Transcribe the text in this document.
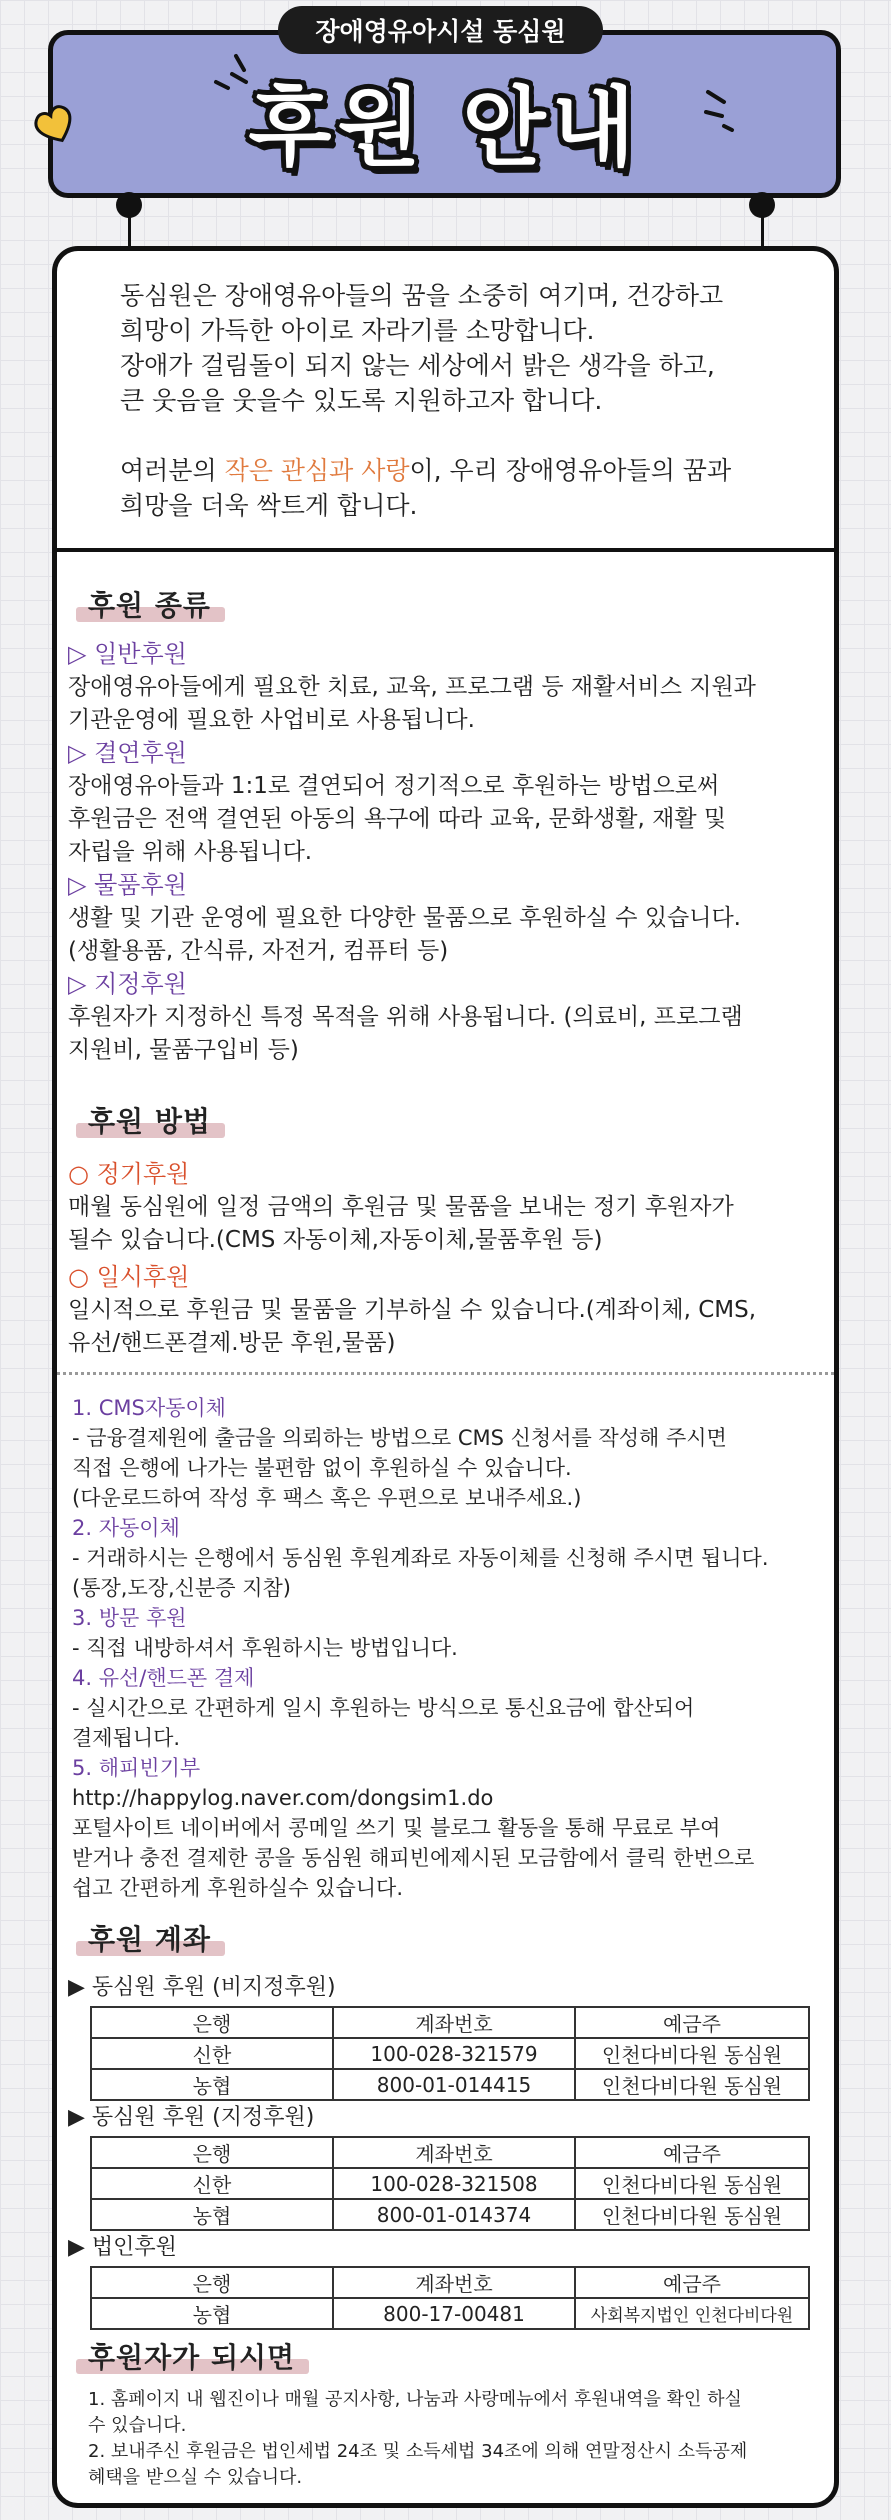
장애영유아시설 동심원
후원 안내

동심원은 장애영유아들의 꿈을 소중히 여기며, 건강하고

희망이 가득한 아이로 자라기를 소망합니다.

장애가 걸림돌이 되지 않는 세상에서 밝은 생각을 하고,

큰 웃음을 웃을수 있도록 지원하고자 합니다.

여러분의 작은 관심과 사랑이, 우리 장애영유아들의 꿈과

희망을 더욱 싹트게 합니다.

후원 종류

▷ 일반후원

장애영유아들에게 필요한 치료, 교육, 프로그램 등 재활서비스 지원과

기관운영에 필요한 사업비로 사용됩니다.

▷ 결연후원

장애영유아들과 1:1로 결연되어 정기적으로 후원하는 방법으로써

후원금은 전액 결연된 아동의 욕구에 따라 교육, 문화생활, 재활 및

자립을 위해 사용됩니다.

▷ 물품후원

생활 및 기관 운영에 필요한 다양한 물품으로 후원하실 수 있습니다.

(생활용품, 간식류, 자전거, 컴퓨터 등)

▷ 지정후원

후원자가 지정하신 특정 목적을 위해 사용됩니다. (의료비, 프로그램

지원비, 물품구입비 등)

후원 방법

○ 정기후원

매월 동심원에 일정 금액의 후원금 및 물품을 보내는 정기 후원자가

될수 있습니다.(CMS 자동이체,자동이체,물품후원 등)

○ 일시후원

일시적으로 후원금 및 물품을 기부하실 수 있습니다.(계좌이체, CMS,

유선/핸드폰결제.방문 후원,물품)

1. CMS자동이체

- 금융결제원에 출금을 의뢰하는 방법으로 CMS 신청서를 작성해 주시면

직접 은행에 나가는 불편함 없이 후원하실 수 있습니다.

(다운로드하여 작성 후 팩스 혹은 우편으로 보내주세요.)

2. 자동이체

- 거래하시는 은행에서 동심원 후원계좌로 자동이체를 신청해 주시면 됩니다.

(통장,도장,신분증 지참)

3. 방문 후원

- 직접 내방하셔서 후원하시는 방법입니다.

4. 유선/핸드폰 결제

- 실시간으로 간편하게 일시 후원하는 방식으로 통신요금에 합산되어

결제됩니다.

5. 해피빈기부

http://happylog.naver.com/dongsim1.do

포털사이트 네이버에서 콩메일 쓰기 및 블로그 활동을 통해 무료로 부여

받거나 충전 결제한 콩을 동심원 해피빈에제시된 모금함에서 클릭 한번으로

쉽고 간편하게 후원하실수 있습니다.

후원 계좌
▶ 동심원 후원 (비지정후원)
은행	계좌번호	예금주
신한	100-028-321579	인천다비다원 동심원
농협	800-01-014415	인천다비다원 동심원
▶ 동심원 후원 (지정후원)
은행	계좌번호	예금주
신한	100-028-321508	인천다비다원 동심원
농협	800-01-014374	인천다비다원 동심원
▶ 법인후원
은행	계좌번호	예금주
농협	800-17-00481	사회복지법인 인천다비다원
후원자가 되시면

1. 홈페이지 내 웹진이나 매월 공지사항, 나눔과 사랑메뉴에서 후원내역을 확인 하실

수 있습니다.

2. 보내주신 후원금은 법인세법 24조 및 소득세법 34조에 의해 연말정산시 소득공제

혜택을 받으실 수 있습니다.
